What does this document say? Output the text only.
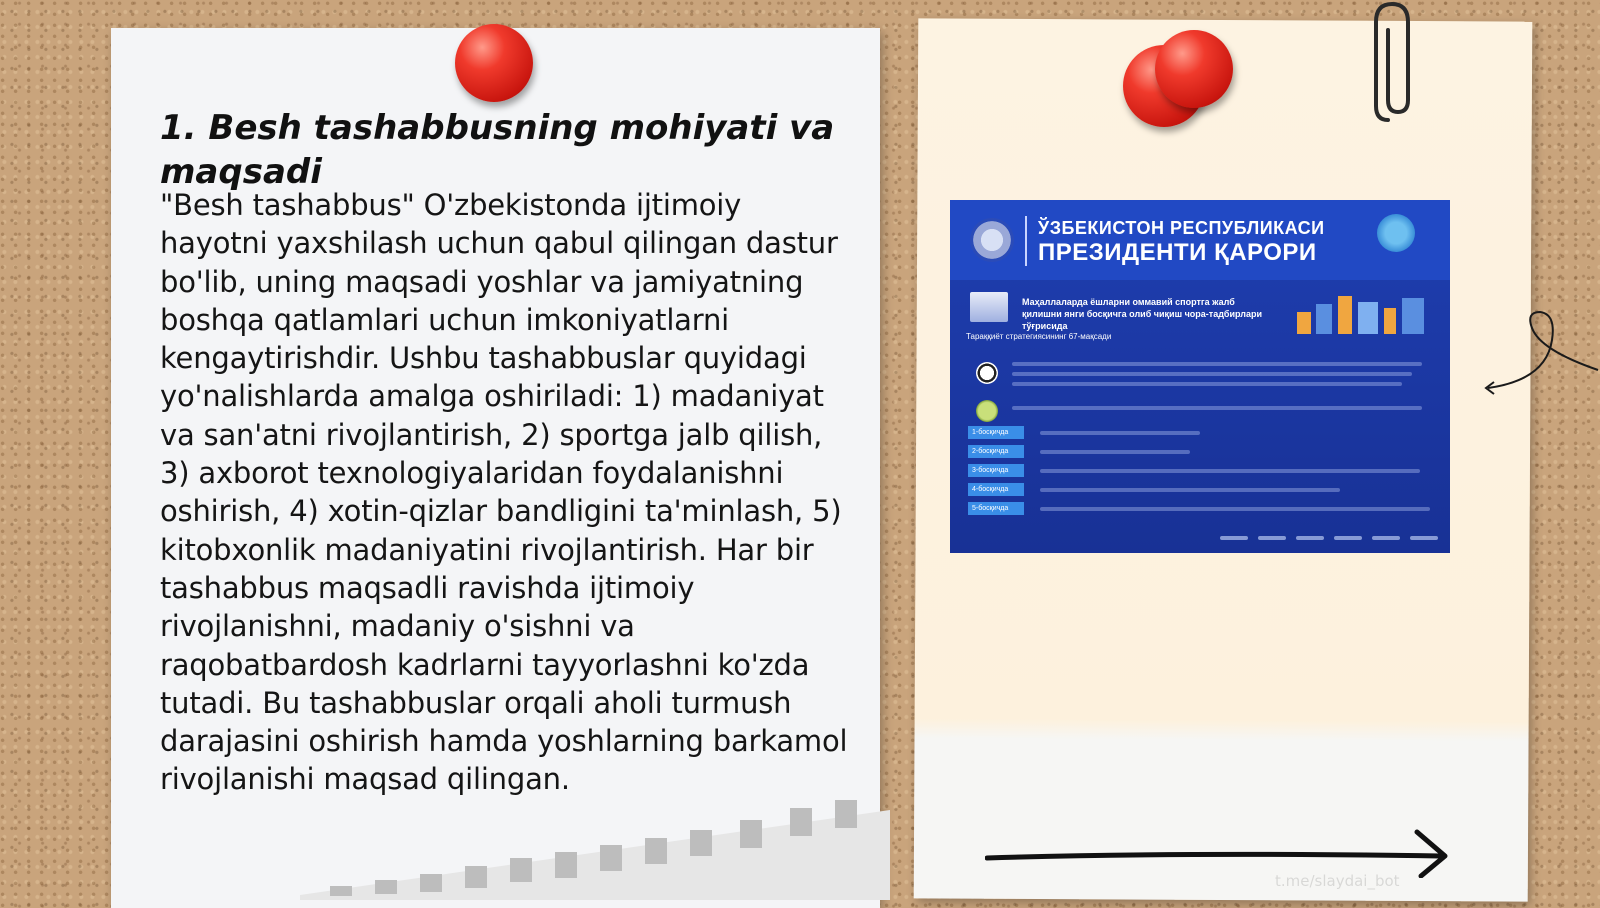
1. Besh tashabbusning mohiyati va maqsadi

"Besh tashabbus" O'zbekistonda ijtimoiy hayotni yaxshilash uchun qabul qilingan dastur bo'lib, uning maqsadi yoshlar va jamiyatning boshqa qatlamlari uchun imkoniyatlarni kengaytirishdir. Ushbu tashabbuslar quyidagi yo'nalishlarda amalga oshiriladi: 1) madaniyat va san'atni rivojlantirish, 2) sportga jalb qilish, 3) axborot texnologiyalaridan foydalanishni oshirish, 4) xotin-qizlar bandligini ta'minlash, 5) kitobxonlik madaniyatini rivojlantirish. Har bir tashabbus maqsadli ravishda ijtimoiy rivojlanishni, madaniy o'sishni va raqobatbardosh kadrlarni tayyorlashni ko'zda tutadi. Bu tashabbuslar orqali aholi turmush darajasini oshirish hamda yoshlarning barkamol rivojlanishi maqsad qilingan.

ЎЗБЕКИСТОН РЕСПУБЛИКАСИ
ПРЕЗИДЕНТИ ҚАРОРИ
Маҳаллаларда ёшларни оммавий спортга жалб қилишни янги босқичга олиб чиқиш чора-тадбирлари тўғрисида
Тараққиёт стратегиясининг 67-мақсади
1-босқичда
2-босқичда
3-босқичда
4-босқичда
5-босқичда
t.me/slaydai_bot
